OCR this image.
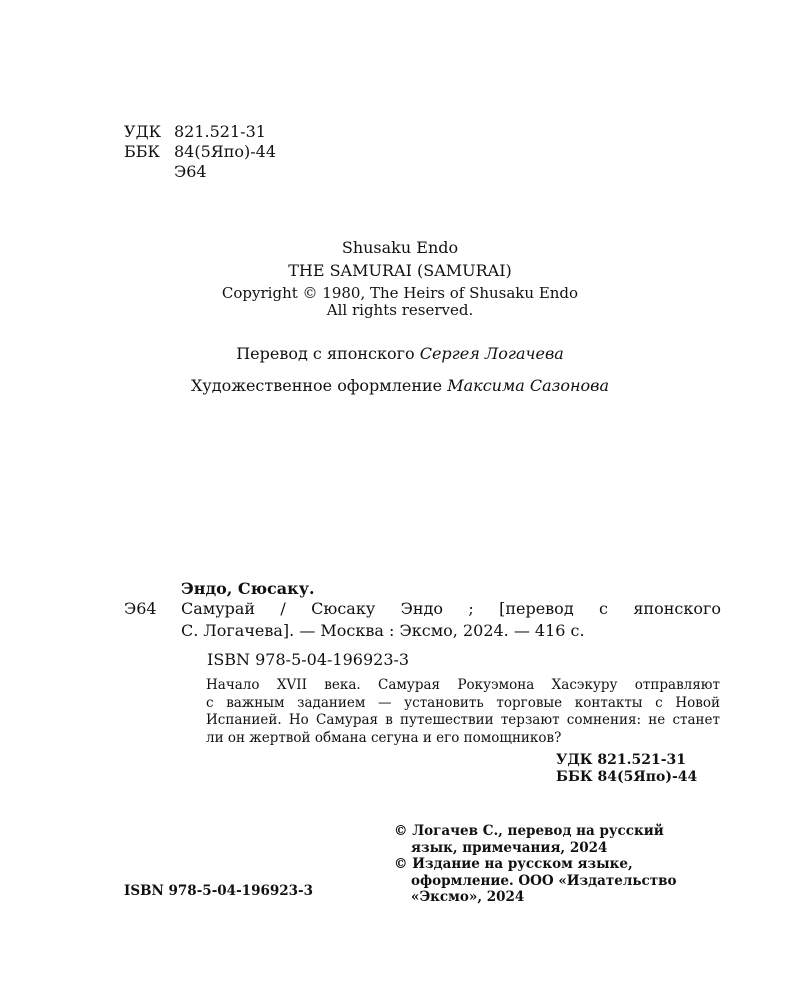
УДК 821.521-31
ББК 84(5Япо)-44
Э64
Shusaku Endo
THE SAMURAI (SAMURAI)
Copyright © 1980, The Heirs of Shusaku Endo
All rights reserved.
Перевод с японского Сергея Логачева
Художественное оформление Максима Сазонова
Эндо, Сюсаку.
Э64 Самурай / Сюсаку Эндо ; [перевод с японского
С. Логачева]. — Москва : Эксмо, 2024. — 416 с.
ISBN 978-5-04-196923-3
Начало XVII века. Самурая Рокуэмона Хасэкуру отправляют
с важным заданием — установить торговые контакты с Новой
Испанией. Но Самурая в путешествии терзают сомнения: не станет
ли он жертвой обмана сегуна и его помощников?
УДК 821.521-31
ББК 84(5Япо)-44
© Логачев С., перевод на русский
язык, примечания, 2024
© Издание на русском языке,
оформление. ООО «Издательство
«Эксмо», 2024
ISBN 978-5-04-196923-3
